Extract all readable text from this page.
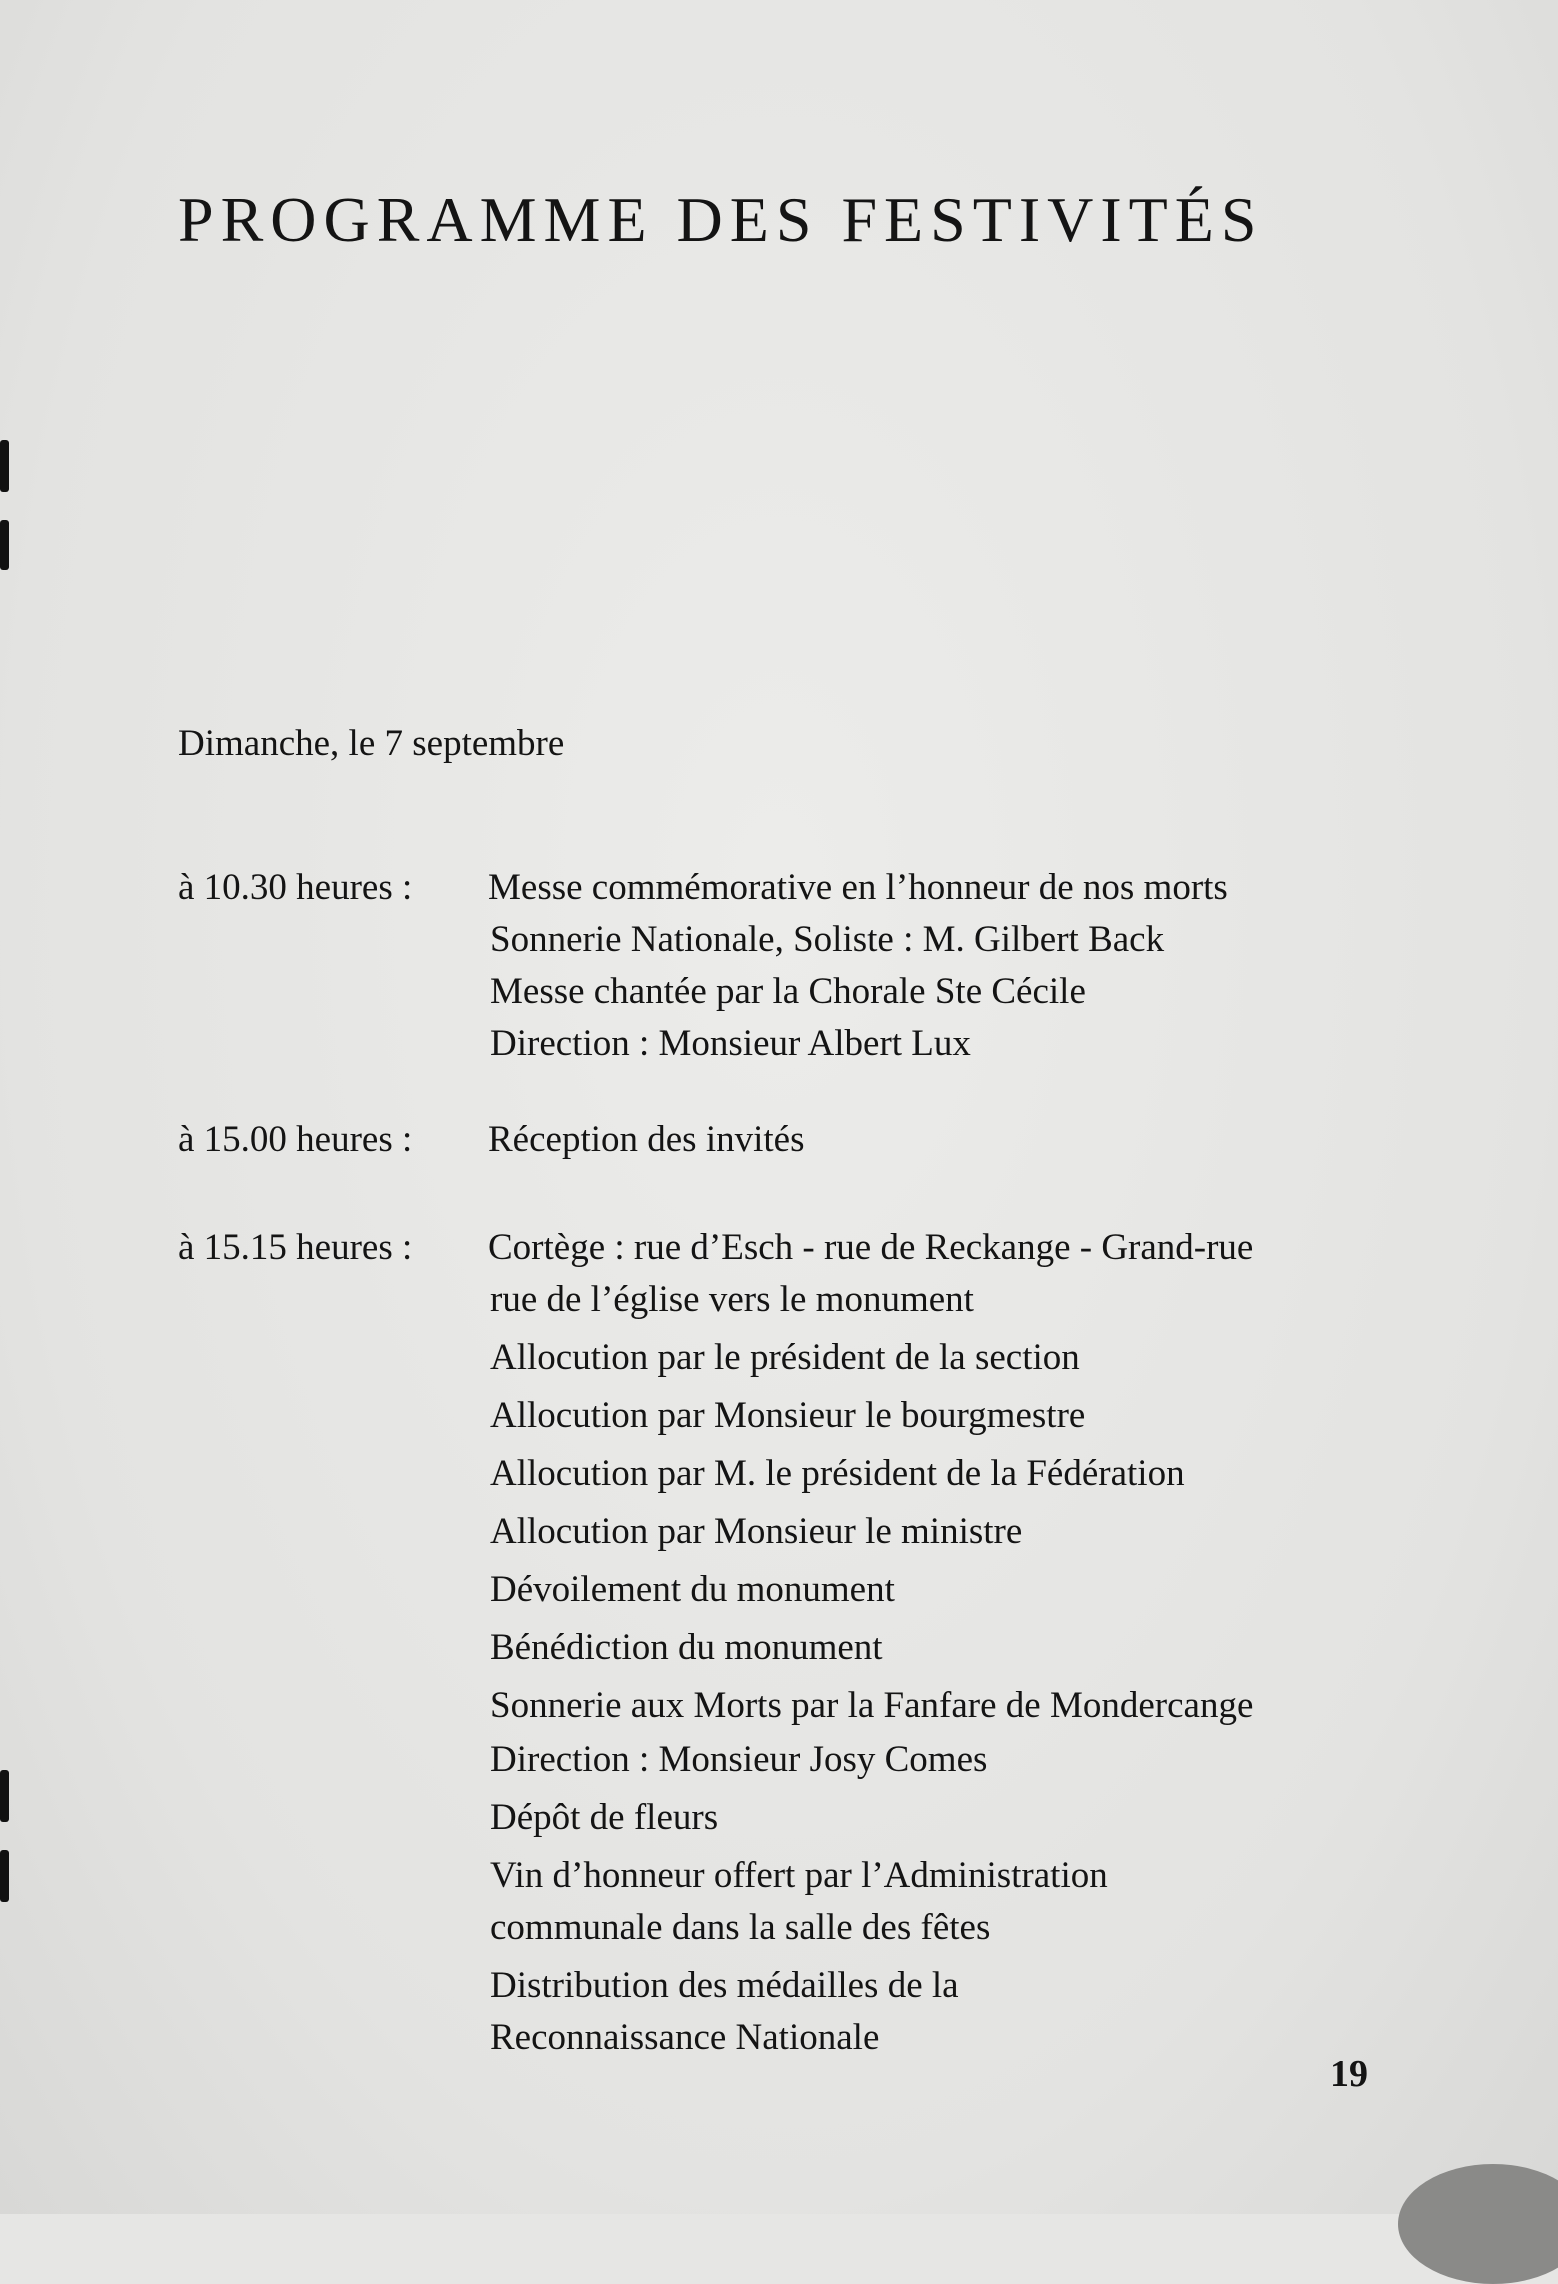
PROGRAMME DES FESTIVITÉS
Dimanche, le 7 septembre
à 10.30 heures : Messe commémorative en l’honneur de nos morts
Sonnerie Nationale, Soliste : M. Gilbert Back
Messe chantée par la Chorale Ste Cécile
Direction : Monsieur Albert Lux
à 15.00 heures : Réception des invités
à 15.15 heures : Cortège : rue d’Esch - rue de Reckange - Grand-rue
rue de l’église vers le monument
Allocution par le président de la section
Allocution par Monsieur le bourgmestre
Allocution par M. le président de la Fédération
Allocution par Monsieur le ministre
Dévoilement du monument
Bénédiction du monument
Sonnerie aux Morts par la Fanfare de Mondercange
Direction : Monsieur Josy Comes
Dépôt de fleurs
Vin d’honneur offert par l’Administration
communale dans la salle des fêtes
Distribution des médailles de la
Reconnaissance Nationale
19
